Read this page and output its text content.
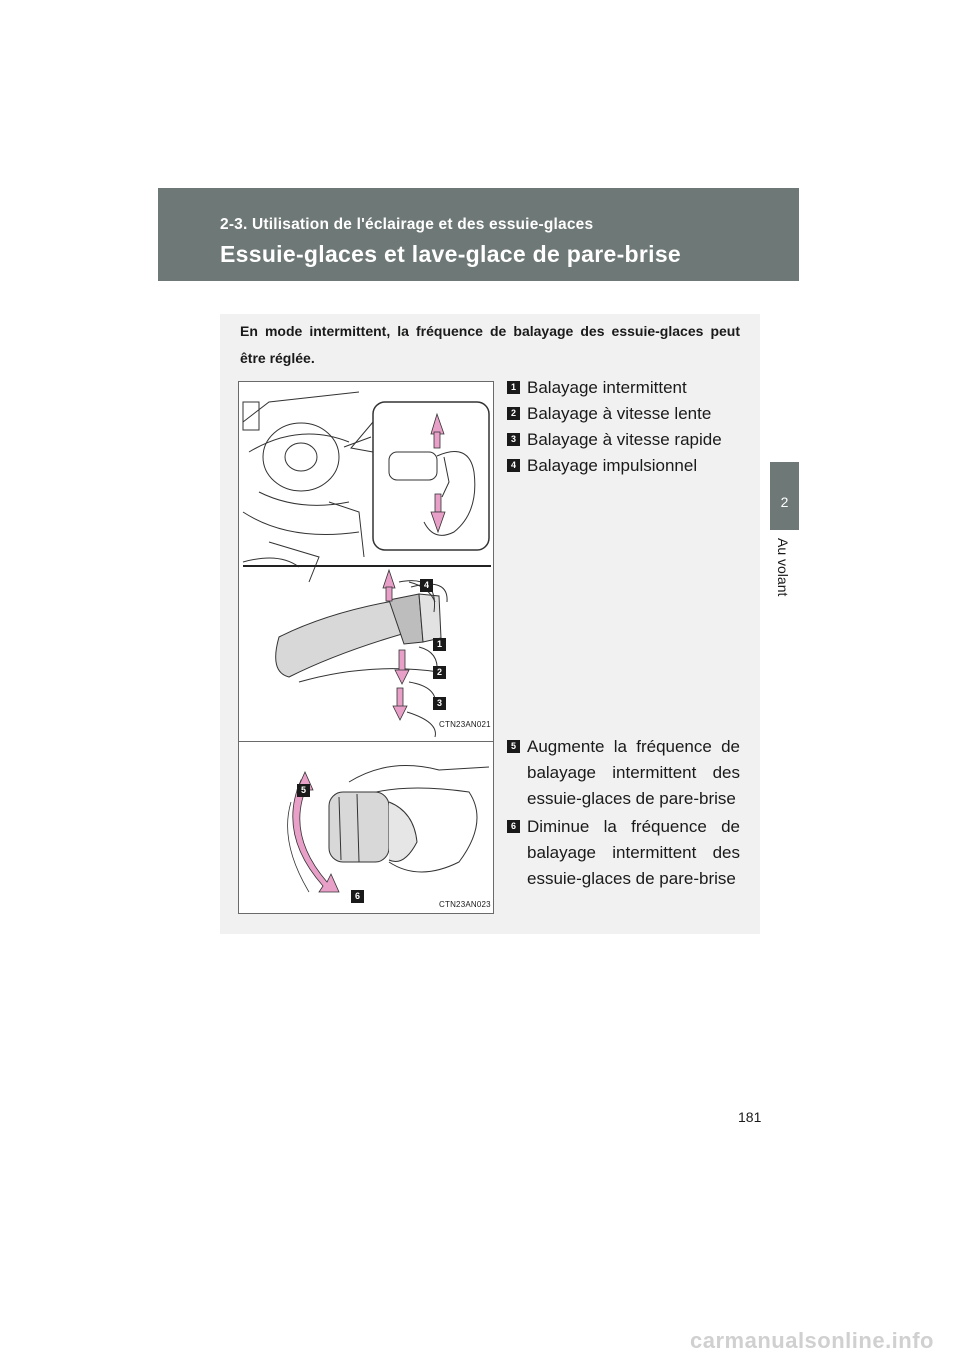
2-3. Utilisation de l'éclairage et des essuie-glaces
Essuie-glaces et lave-glace de pare-brise
2
Au volant
En mode intermittent, la fréquence de balayage des essuie-glaces peut être réglée.
4
1
2
3
CTN23AN021
5
6
CTN23AN023
1 Balayage intermittent
2 Balayage à vitesse lente
3 Balayage à vitesse rapide
4 Balayage impulsionnel
5 Augmente la fréquence de balayage intermittent des essuie-glaces de pare-brise
6 Diminue la fréquence de balayage intermittent des essuie-glaces de pare-brise
181
carmanualsonline.info
